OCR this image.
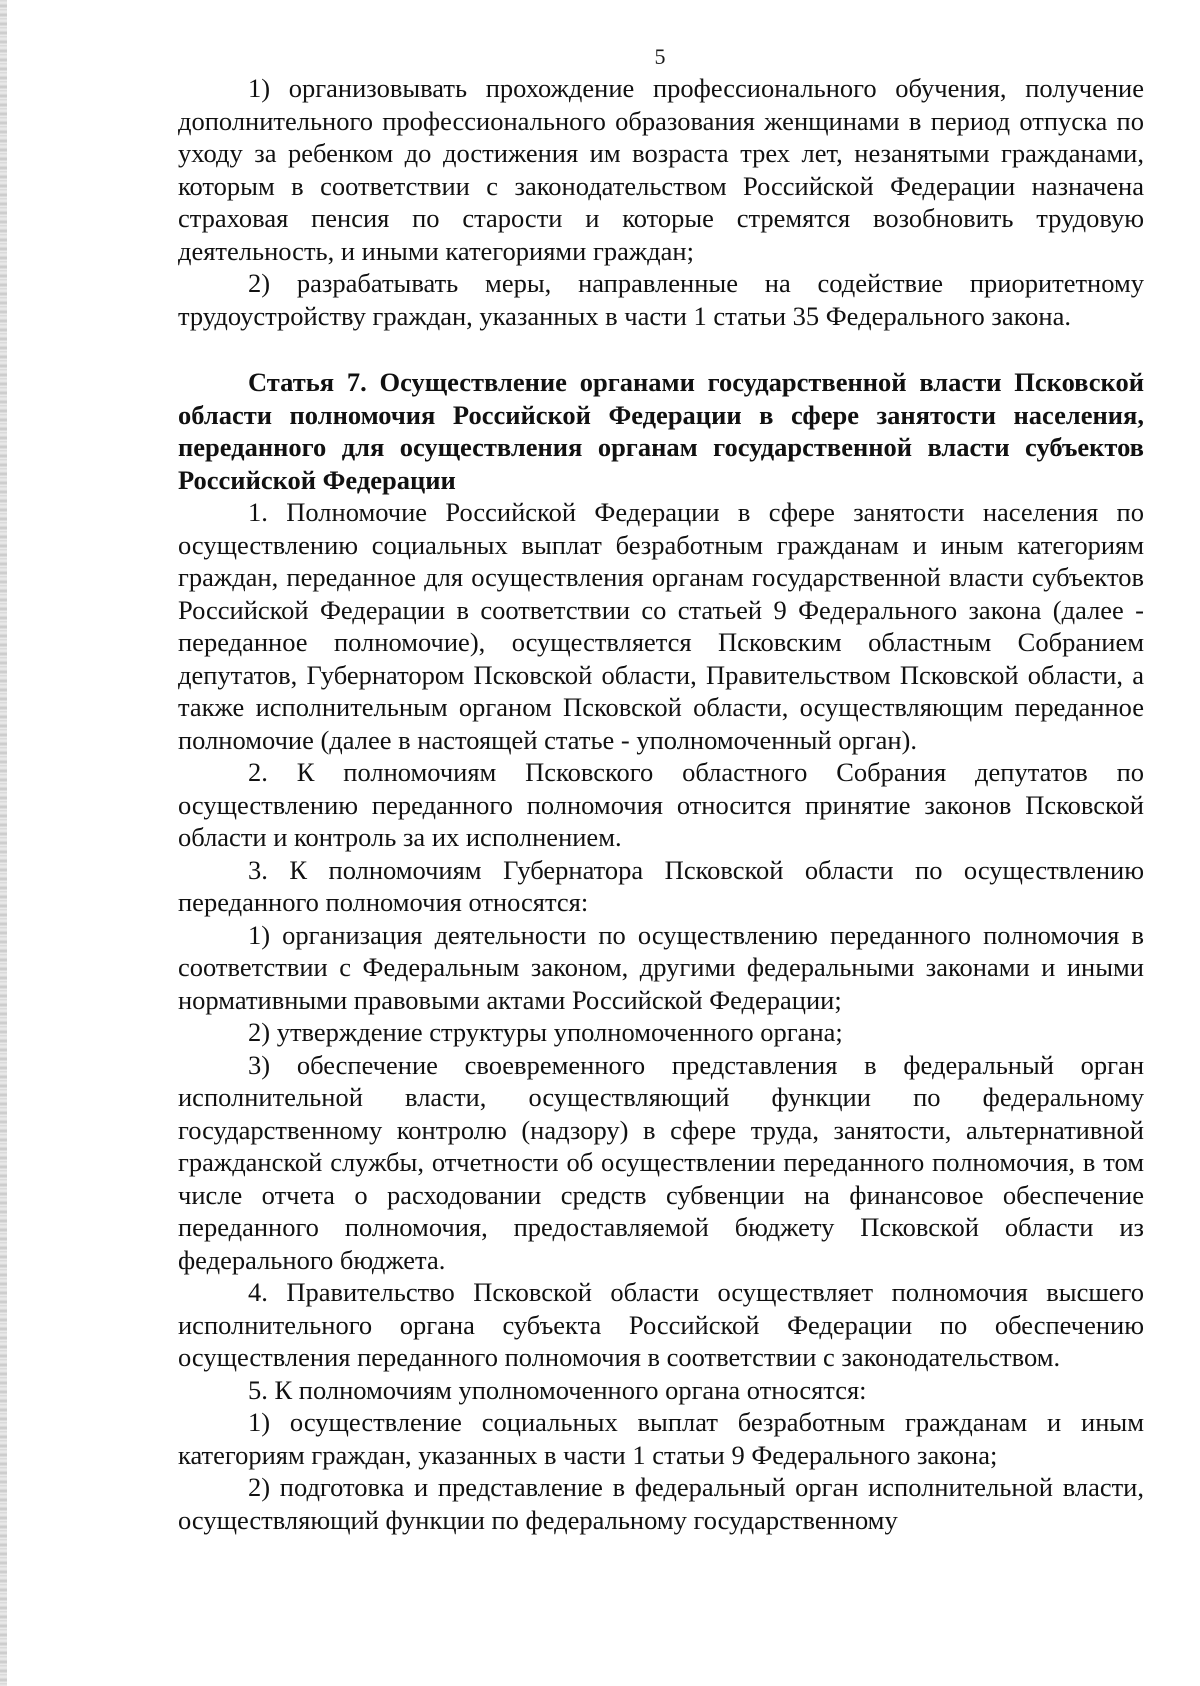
5

1) организовывать прохождение профессионального обучения, получение дополнительного профессионального образования женщинами в период отпуска по уходу за ребенком до достижения им возраста трех лет, незанятыми гражданами, которым в соответствии с законодательством Российской Федерации назначена страховая пенсия по старости и которые стремятся возобновить трудовую деятельность, и иными категориями граждан;

2) разрабатывать меры, направленные на содействие приоритетному трудоустройству граждан, указанных в части 1 статьи 35 Федерального закона.

Статья 7. Осуществление органами государственной власти Псковской области полномочия Российской Федерации в сфере занятости населения, переданного для осуществления органам государственной власти субъектов Российской Федерации

1. Полномочие Российской Федерации в сфере занятости населения по осуществлению социальных выплат безработным гражданам и иным категориям граждан, переданное для осуществления органам государственной власти субъектов Российской Федерации в соответствии со статьей 9 Федерального закона (далее - переданное полномочие), осуществляется Псковским областным Собранием депутатов, Губернатором Псковской области, Правительством Псковской области, а также исполнительным органом Псковской области, осуществляющим переданное полномочие (далее в настоящей статье - уполномоченный орган).

2. К полномочиям Псковского областного Собрания депутатов по осуществлению переданного полномочия относится принятие законов Псковской области и контроль за их исполнением.

3. К полномочиям Губернатора Псковской области по осуществлению переданного полномочия относятся:

1) организация деятельности по осуществлению переданного полномочия в соответствии с Федеральным законом, другими федеральными законами и иными нормативными правовыми актами Российской Федерации;

2) утверждение структуры уполномоченного органа;

3) обеспечение своевременного представления в федеральный орган исполнительной власти, осуществляющий функции по федеральному государственному контролю (надзору) в сфере труда, занятости, альтернативной гражданской службы, отчетности об осуществлении переданного полномочия, в том числе отчета о расходовании средств субвенции на финансовое обеспечение переданного полномочия, предоставляемой бюджету Псковской области из федерального бюджета.

4. Правительство Псковской области осуществляет полномочия высшего исполнительного органа субъекта Российской Федерации по обеспечению осуществления переданного полномочия в соответствии с законодательством.

5. К полномочиям уполномоченного органа относятся:

1) осуществление социальных выплат безработным гражданам и иным категориям граждан, указанных в части 1 статьи 9 Федерального закона;

2) подготовка и представление в федеральный орган исполнительной власти, осуществляющий функции по федеральному государственному
